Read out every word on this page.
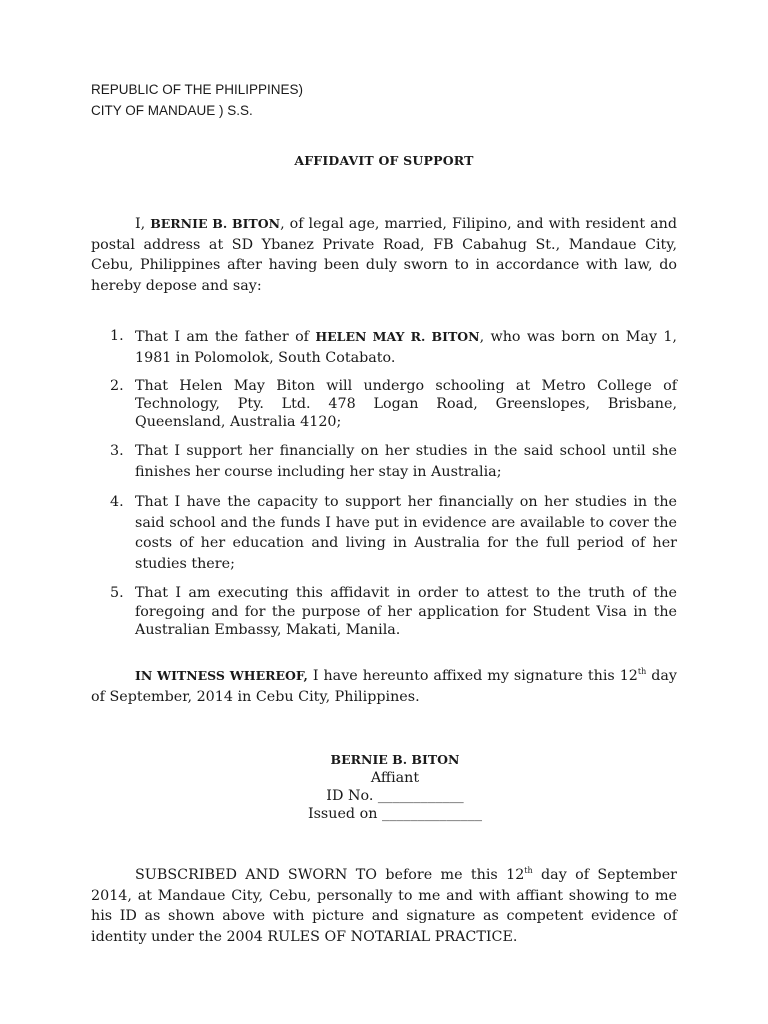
REPUBLIC OF THE PHILIPPINES)
CITY OF MANDAUE ) S.S.
AFFIDAVIT OF SUPPORT
I, BERNIE B. BITON, of legal age, married, Filipino, and with resident and postal address at SD Ybanez Private Road, FB Cabahug St., Mandaue City, Cebu, Philippines after having been duly sworn to in accordance with law, do hereby depose and say:
1. That I am the father of HELEN MAY R. BITON, who was born on May 1, 1981 in Polomolok, South Cotabato.
2. That Helen May Biton will undergo schooling at Metro College of Technology, Pty. Ltd. 478 Logan Road, Greenslopes, Brisbane, Queensland, Australia 4120;
3. That I support her financially on her studies in the said school until she finishes her course including her stay in Australia;
4. That I have the capacity to support her financially on her studies in the said school and the funds I have put in evidence are available to cover the costs of her education and living in Australia for the full period of her studies there;
5. That I am executing this affidavit in order to attest to the truth of the foregoing and for the purpose of her application for Student Visa in the Australian Embassy, Makati, Manila.
IN WITNESS WHEREOF, I have hereunto affixed my signature this 12th day of September, 2014 in Cebu City, Philippines.
BERNIE B. BITON
Affiant
ID No. ____________
Issued on ______________
SUBSCRIBED AND SWORN TO before me this 12th day of September 2014, at Mandaue City, Cebu, personally to me and with affiant showing to me his ID as shown above with picture and signature as competent evidence of identity under the 2004 RULES OF NOTARIAL PRACTICE.
